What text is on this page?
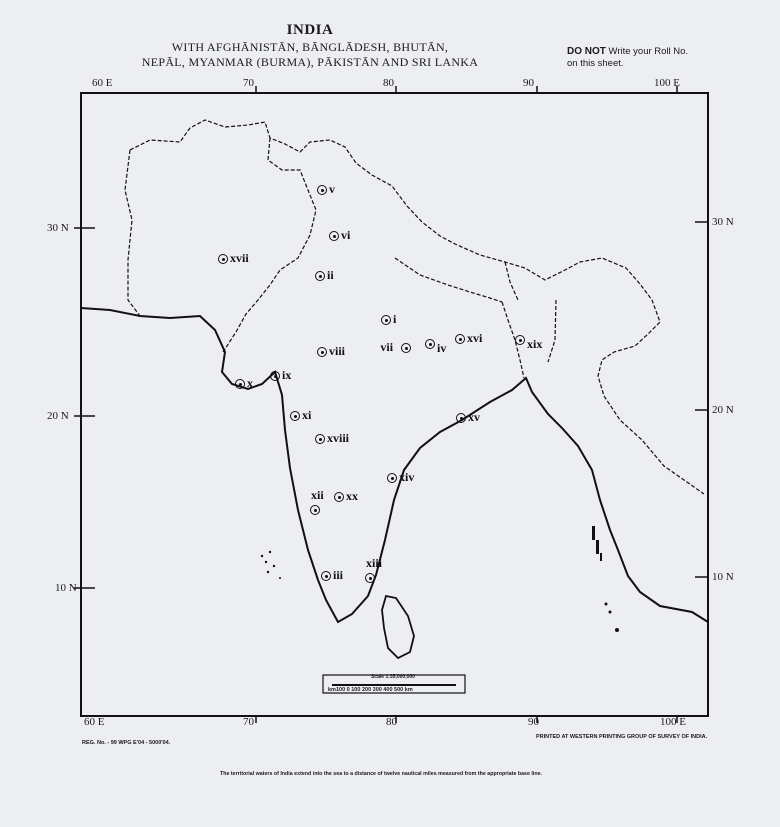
INDIA
WITH AFGHĀNISTĀN, BĀNGLĀDESH, BHUTĀN,
NEPĀL, MYANMAR (BURMA), PĀKISTĀN AND SRI LANKA
DO NOT Write your Roll No.
on this sheet.
60 E	70	80	90	100 E
60 E	70	80	90	100 E
30 N
20 N
10 N
30 N
20 N
10 N
Scale 1:35,000,000
km100 0 100 200 300 400 500 km
i
ii
iii
iv
v
vi
vii
viii
ix
x
xi
xii
xiii
xiv
xv
xvi
xvii
xviii
xix
xx
REG. No. - 99 WPG E'04 - 5000'04.
PRINTED AT WESTERN PRINTING GROUP OF SURVEY OF INDIA.
The territorial waters of India extend into the sea to a distance of twelve nautical miles measured from the appropriate base line.
